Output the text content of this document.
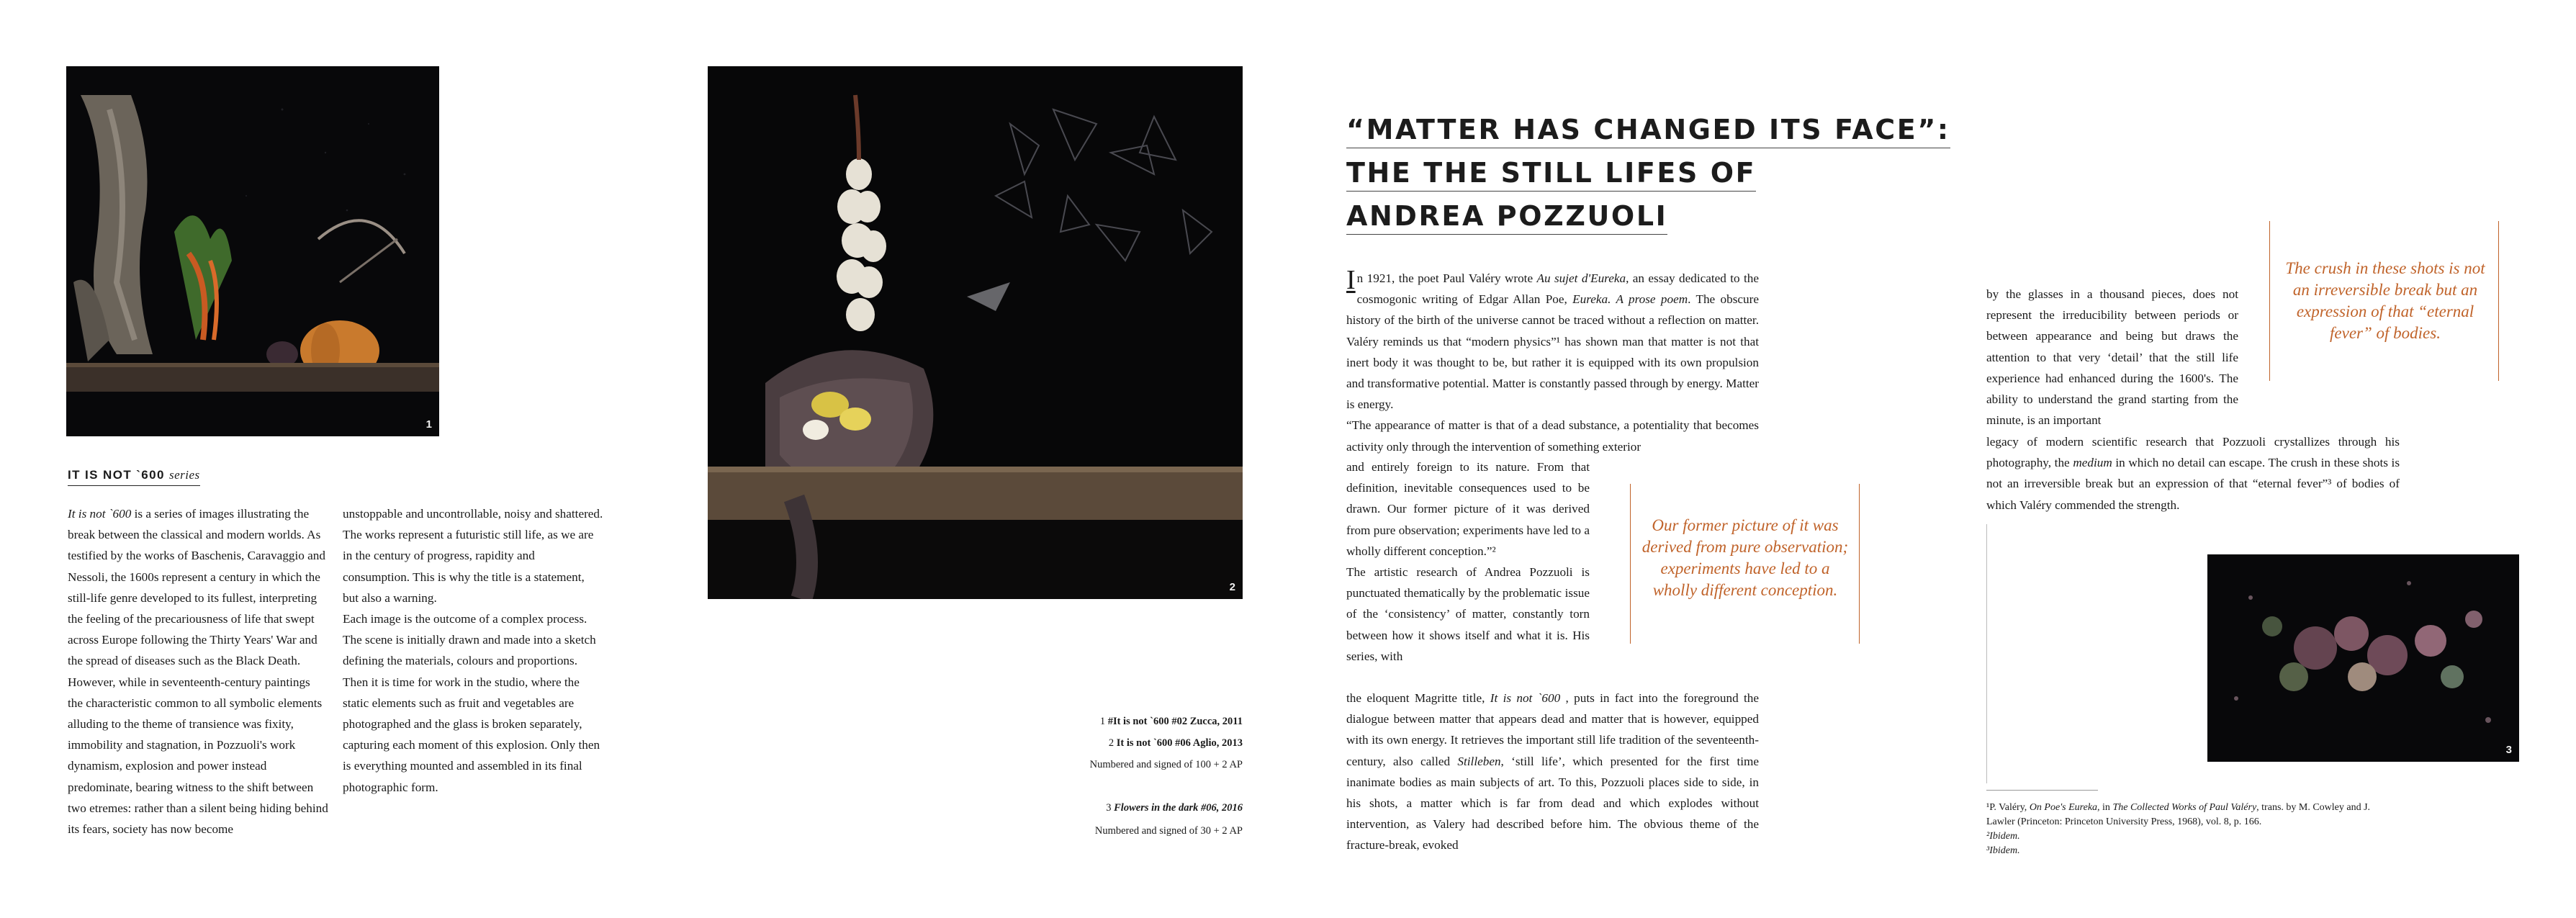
1
IT IS NOT `600 series

It is not `600 is a series of images illustrating the break between the classical and modern worlds. As testified by the works of Baschenis, Caravaggio and Nessoli, the 1600s represent a century in which the still-life genre developed to its fullest, interpreting the feeling of the precariousness of life that swept across Europe following the Thirty Years' War and the spread of diseases such as the Black Death. However, while in seventeenth-century paintings the characteristic common to all symbolic elements alluding to the theme of transience was fixity, immobility and stagnation, in Pozzuoli's work dynamism, explosion and power instead predominate, bearing witness to the shift between two etremes: rather than a silent being hiding behind its fears, society has now become

unstoppable and uncontrollable, noisy and shattered. The works represent a futuristic still life, as we are in the century of progress, rapidity and consumption. This is why the title is a statement, but also a warning.

Each image is the outcome of a complex process. The scene is initially drawn and made into a sketch defining the materials, colours and proportions. Then it is time for work in the studio, where the static elements such as fruit and vegetables are photographed and the glass is broken separately, capturing each moment of this explosion. Only then is everything mounted and assembled in its final photographic form.

2
1 #It is not `600 #02 Zucca, 2011
2 It is not `600 #06 Aglio, 2013
Numbered and signed of 100 + 2 AP
3 Flowers in the dark #06, 2016
Numbered and signed of 30 + 2 AP
“MATTER HAS CHANGED ITS FACE”:
THE THE STILL LIFES OF
ANDREA POZZUOLI

In 1921, the poet Paul Valéry wrote Au sujet d'Eureka, an essay dedicated to the cosmogonic writing of Edgar Allan Poe, Eureka. A prose poem. The obscure history of the birth of the universe cannot be traced without a reflection on matter. Valéry reminds us that “modern physics”¹ has shown man that matter is not that inert body it was thought to be, but rather it is equipped with its own propulsion and transformative potential. Matter is constantly passed through by energy. Matter is energy.

“The appearance of matter is that of a dead substance, a potentiality that becomes activity only through the intervention of something exterior

and entirely foreign to its nature. From that definition, inevitable consequences used to be drawn. Our former picture of it was derived from pure observation; experiments have led to a wholly different conception.”²

The artistic research of Andrea Pozzuoli is punctuated thematically by the problematic issue of the ‘consistency’ of matter, constantly torn between how it shows itself and what it is. His series, with

the eloquent Magritte title, It is not `600 , puts in fact into the foreground the dialogue between matter that appears dead and matter that is however, equipped with its own energy. It retrieves the important still life tradition of the seventeenth-century, also called Stilleben, ‘still life’, which presented for the first time inanimate bodies as main subjects of art. To this, Pozzuoli places side to side, in his shots, a matter which is far from dead and which explodes without intervention, as Valery had described before him. The obvious theme of the fracture-break, evoked

Our former picture of it was derived from pure observation; experiments have led to a wholly different conception.

by the glasses in a thousand pieces, does not represent the irreducibility between periods or between appearance and being but draws the attention to that very ‘detail’ that the still life experience had enhanced during the 1600's. The ability to understand the grand starting from the minute, is an important

legacy of modern scientific research that Pozzuoli crystallizes through his photography, the medium in which no detail can escape. The crush in these shots is not an irreversible break but an expression of that “eternal fever”³ of bodies of which Valéry commended the strength.

The crush in these shots is not an irreversible break but an expression of that “eternal fever” of bodies.
3
¹P. Valéry, On Poe's Eureka, in The Collected Works of Paul Valéry, trans. by M. Cowley and J. Lawler (Princeton: Princeton University Press, 1968), vol. 8, p. 166.
²Ibidem.
³Ibidem.
